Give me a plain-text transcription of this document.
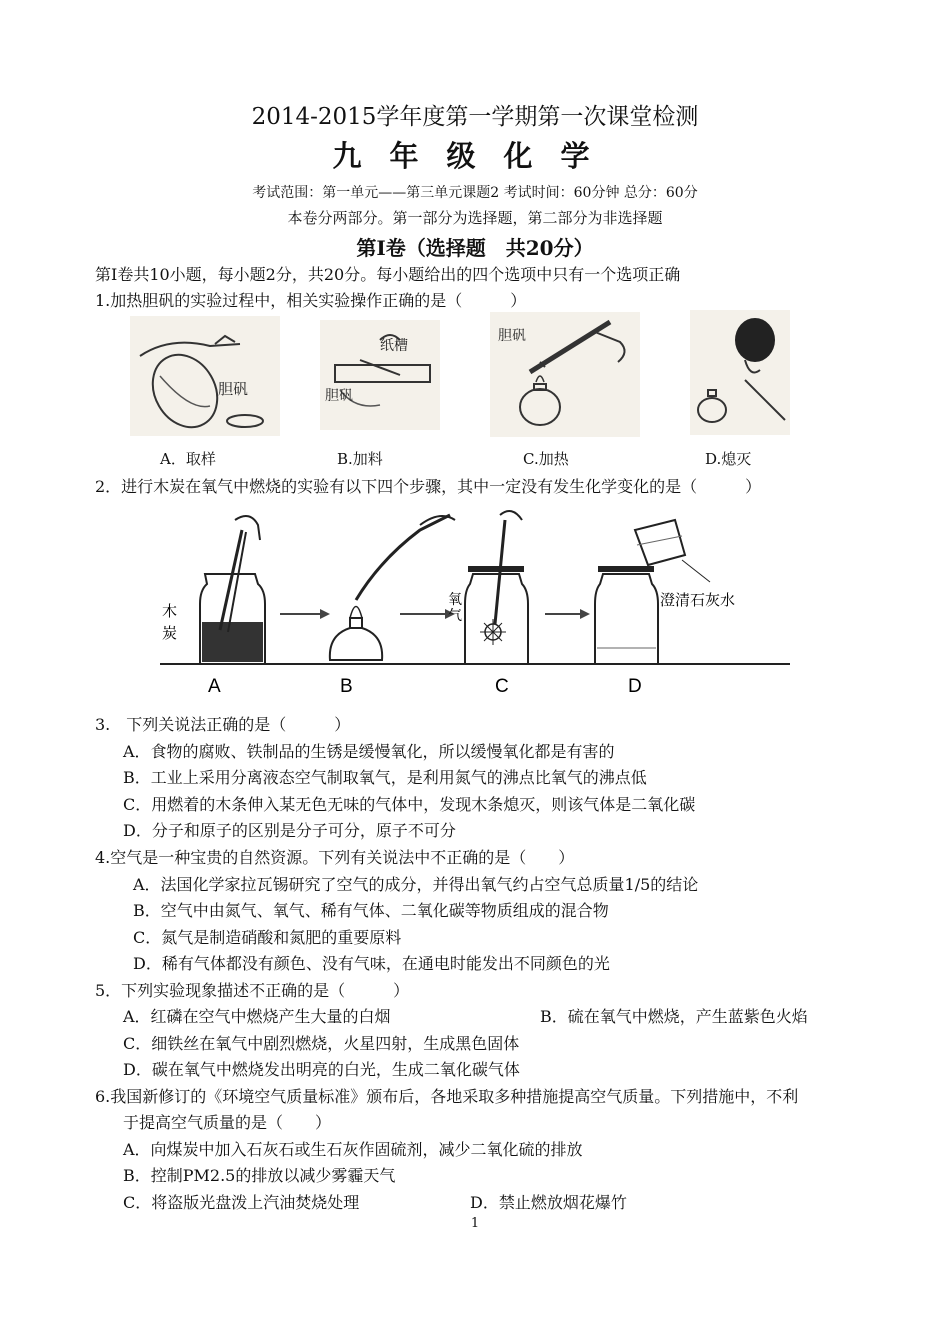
2014-2015学年度第一学期第一次课堂检测
九年级化学
考试范围：第一单元——第三单元课题2 考试时间：60分钟 总分：60分
本卷分两部分。第一部分为选择题，第二部分为非选择题
第Ⅰ卷（选择题　共20分）
第Ⅰ卷共10小题，每小题2分，共20分。每小题给出的四个选项中只有一个选项正确
1.加热胆矾的实验过程中，相关实验操作正确的是（　　　）
胆矾
纸槽
胆矾
胆矾
A．取样	B.加料	C.加热	D.熄灭
2．进行木炭在氧气中燃烧的实验有以下四个步骤，其中一定没有发生化学变化的是（　　　）
木
炭
氧
气
澄清石灰水
A	B	C	D
3.　下列关说法正确的是（　　　）
A．食物的腐败、铁制品的生锈是缓慢氧化，所以缓慢氧化都是有害的
B．工业上采用分离液态空气制取氧气，是利用氮气的沸点比氧气的沸点低
C．用燃着的木条伸入某无色无味的气体中，发现木条熄灭，则该气体是二氧化碳
D．分子和原子的区别是分子可分，原子不可分
4.空气是一种宝贵的自然资源。下列有关说法中不正确的是（　　）
A．法国化学家拉瓦锡研究了空气的成分，并得出氧气约占空气总质量1/5的结论
B．空气中由氮气、氧气、稀有气体、二氧化碳等物质组成的混合物
C．氮气是制造硝酸和氮肥的重要原料
D．稀有气体都没有颜色、没有气味，在通电时能发出不同颜色的光
5．下列实验现象描述不正确的是（　　　）
A．红磷在空气中燃烧产生大量的白烟	B．硫在氧气中燃烧，产生蓝紫色火焰
C．细铁丝在氧气中剧烈燃烧，火星四射，生成黑色固体
D．碳在氧气中燃烧发出明亮的白光，生成二氧化碳气体
6.我国新修订的《环境空气质量标准》颁布后，各地采取多种措施提高空气质量。下列措施中，不利
于提高空气质量的是（　　）
A．向煤炭中加入石灰石或生石灰作固硫剂，减少二氧化硫的排放
B．控制PM2.5的排放以减少雾霾天气
C．将盗版光盘泼上汽油焚烧处理	D．禁止燃放烟花爆竹
1
